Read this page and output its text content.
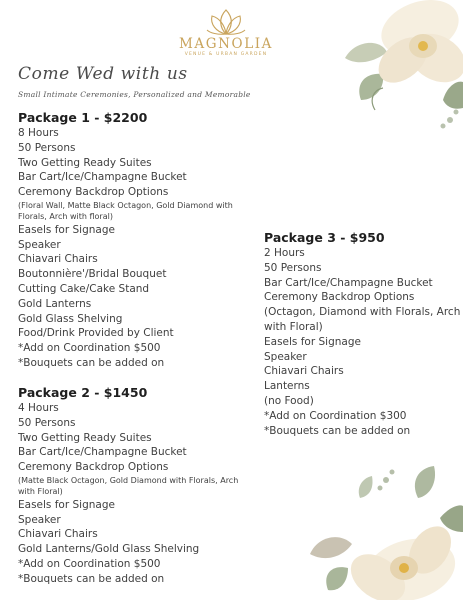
MAGNOLIA
VENUE & URBAN GARDEN
Come Wed with us
Small Intimate Ceremonies, Personalized and Memorable
Package 1 - $2200
8 Hours
50 Persons
Two Getting Ready Suites
Bar Cart/Ice/Champagne Bucket
Ceremony Backdrop Options
(Floral Wall, Matte Black Octagon, Gold Diamond with Florals, Arch with floral)
Easels for Signage
Speaker
Chiavari Chairs
Boutonnière'/Bridal Bouquet
Cutting Cake/Cake Stand
Gold Lanterns
Gold Glass Shelving
Food/Drink Provided by Client
*Add on Coordination $500
*Bouquets can be added on
Package 2 - $1450
4 Hours
50 Persons
Two Getting Ready Suites
Bar Cart/Ice/Champagne Bucket
Ceremony Backdrop Options
(Matte Black Octagon, Gold Diamond with Florals, Arch with Floral)
Easels for Signage
Speaker
Chiavari Chairs
Gold Lanterns/Gold Glass Shelving
*Add on Coordination $500
*Bouquets can be added on
Package 3 - $950
2 Hours
50 Persons
Bar Cart/Ice/Champagne Bucket
Ceremony Backdrop Options
(Octagon, Diamond with Florals, Arch with Floral)
Easels for Signage
Speaker
Chiavari Chairs
Lanterns
(no Food)
*Add on Coordination $300
*Bouquets can be added on
